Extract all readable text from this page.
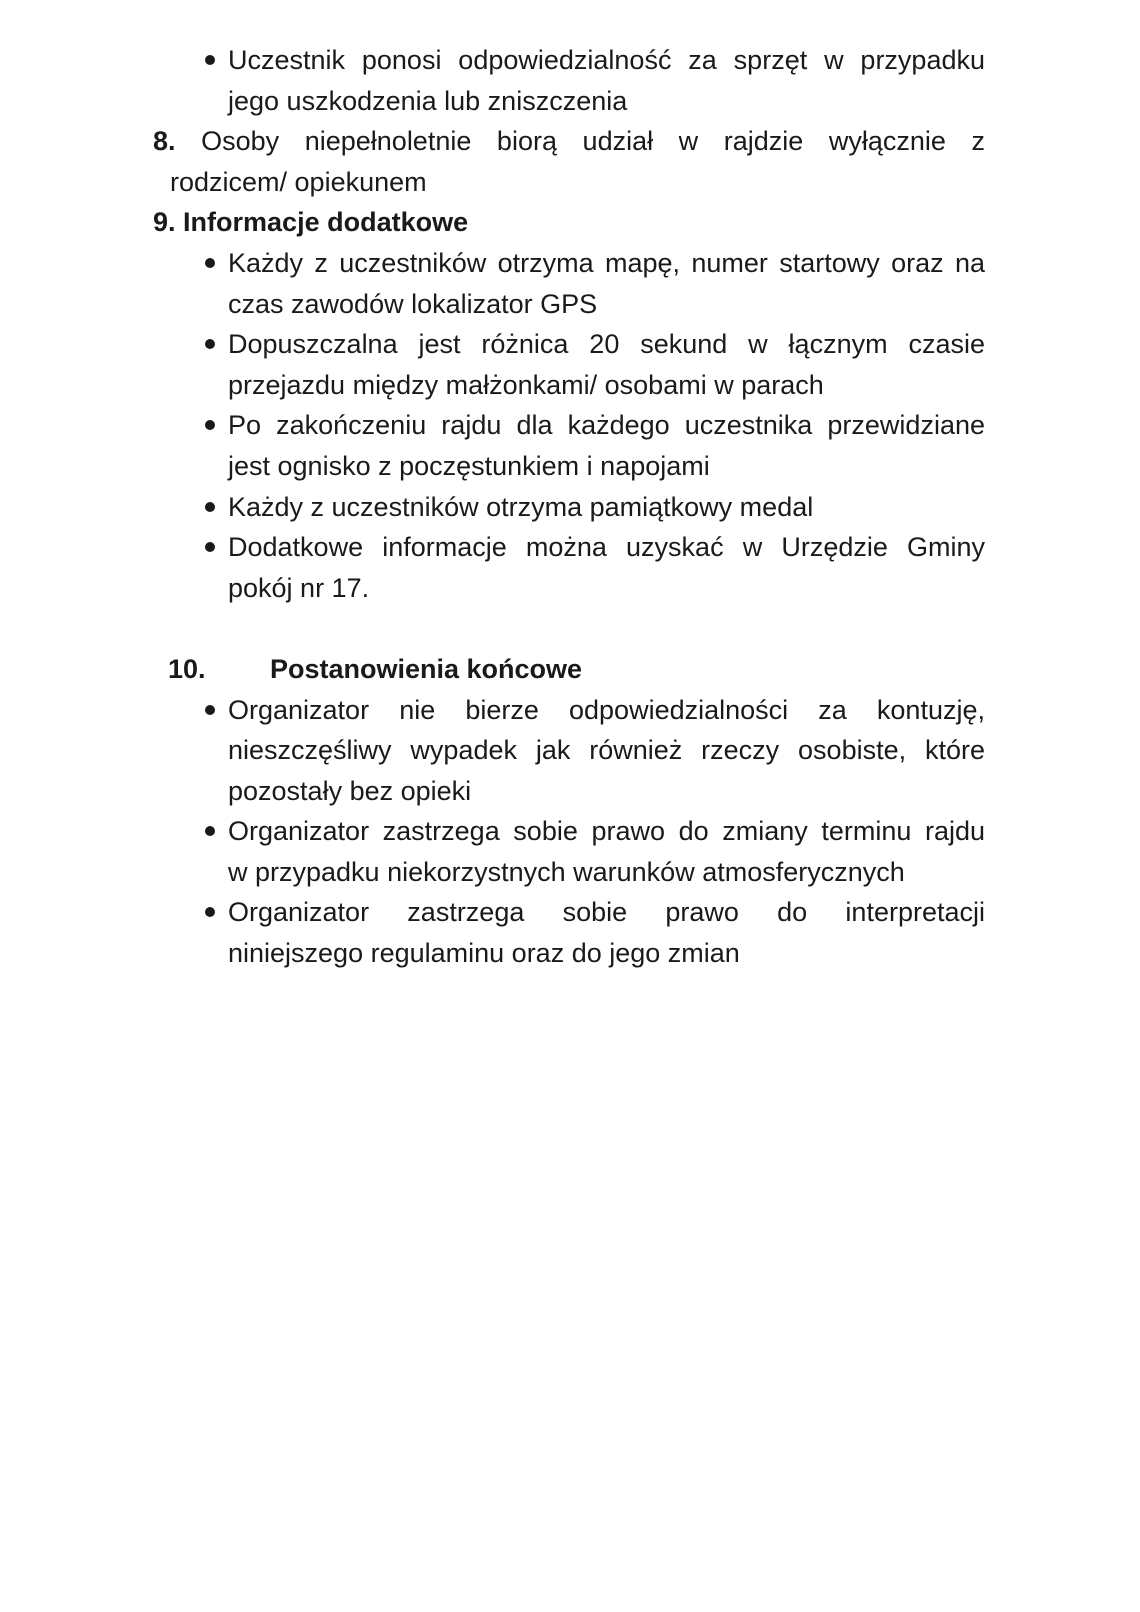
Uczestnik ponosi odpowiedzialność za sprzęt w przypadku
jego uszkodzenia lub zniszczenia
8. Osoby niepełnoletnie biorą udział w rajdzie wyłącznie z
rodzicem/ opiekunem
9. Informacje dodatkowe
Każdy z uczestników otrzyma mapę, numer startowy oraz na
czas zawodów lokalizator GPS
Dopuszczalna jest różnica 20 sekund w łącznym czasie
przejazdu między małżonkami/ osobami w parach
Po zakończeniu rajdu dla każdego uczestnika przewidziane
jest ognisko z poczęstunkiem i napojami
Każdy z uczestników otrzyma pamiątkowy medal
Dodatkowe informacje można uzyskać w Urzędzie Gminy
pokój nr 17.
10.	Postanowienia końcowe
Organizator nie bierze odpowiedzialności za kontuzję,
nieszczęśliwy wypadek jak również rzeczy osobiste, które
pozostały bez opieki
Organizator zastrzega sobie prawo do zmiany terminu rajdu
w przypadku niekorzystnych warunków atmosferycznych
Organizator zastrzega sobie prawo do interpretacji
niniejszego regulaminu oraz do jego zmian
